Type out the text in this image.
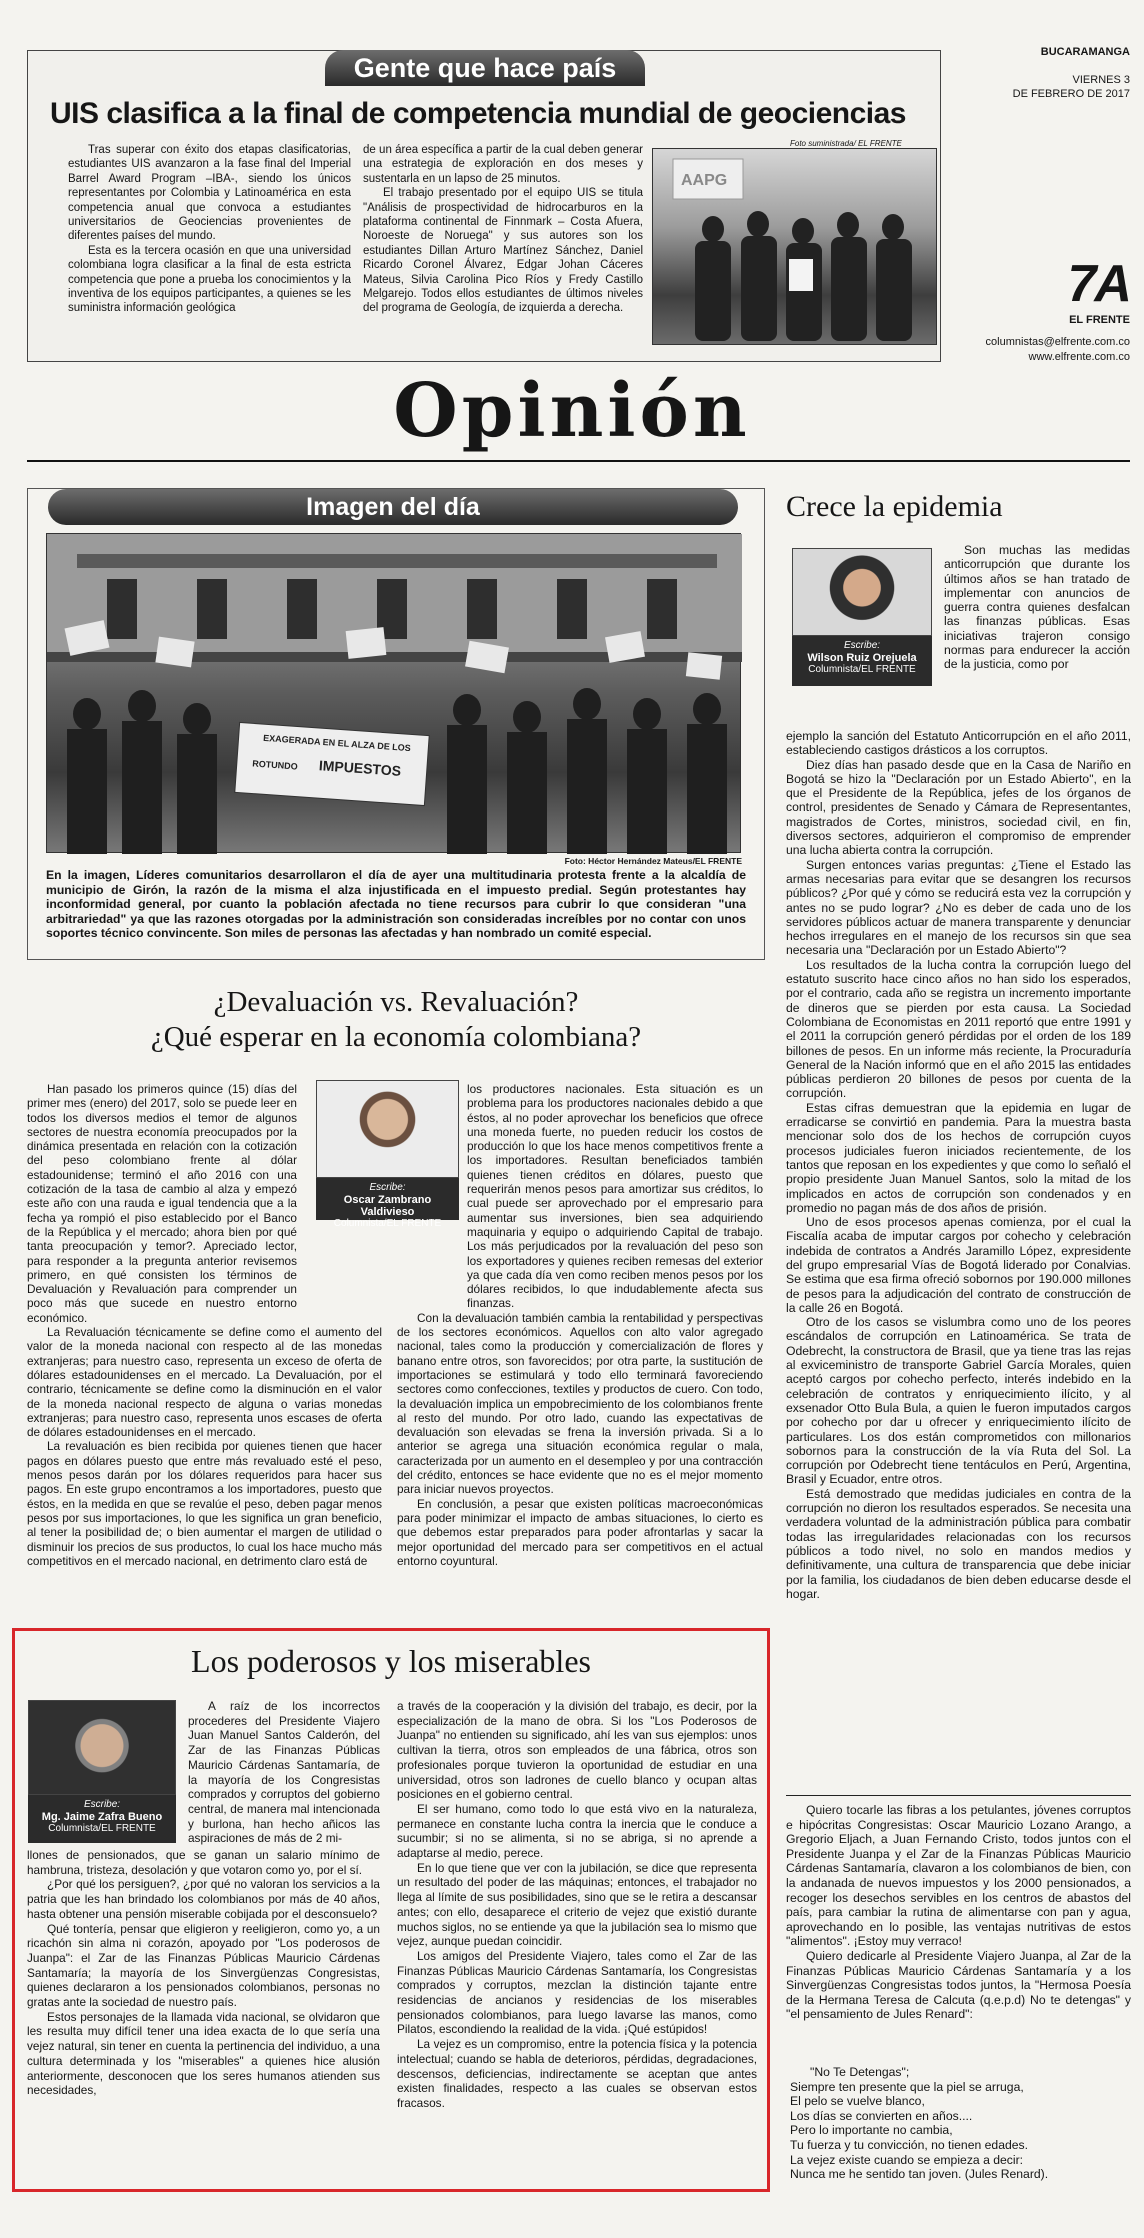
Gente que hace país
UIS clasifica a la final de competencia mundial de geociencias

Tras superar con éxito dos etapas clasificatorias, estudiantes UIS avanzaron a la fase final del Imperial Barrel Award Program –IBA-, siendo los únicos representantes por Colombia y Latinoamérica en esta competencia anual que convoca a estudiantes universitarios de Geociencias provenientes de diferentes países del mundo.

Esta es la tercera ocasión en que una universidad colombiana logra clasificar a la final de esta estricta competencia que pone a prueba los conocimientos y la inventiva de los equipos participantes, a quienes se les suministra información geológica

de un área específica a partir de la cual deben generar una estrategia de exploración en dos meses y sustentarla en un lapso de 25 minutos.

El trabajo presentado por el equipo UIS se titula "Análisis de prospectividad de hidrocarburos en la plataforma continental de Finnmark – Costa Afuera, Noroeste de Noruega" y sus autores son los estudiantes Dillan Arturo Martínez Sánchez, Daniel Ricardo Coronel Álvarez, Edgar Johan Cáceres Mateus, Silvia Carolina Pico Ríos y Fredy Castillo Melgarejo. Todos ellos estudiantes de últimos niveles del programa de Geología, de izquierda a derecha.

Foto suministrada/ EL FRENTE
AAPG
BUCARAMANGA
VIERNES 3
DE FEBRERO DE 2017
7A
EL FRENTE
columnistas@elfrente.com.co
www.elfrente.com.co
Opinión
Imagen del día
EXAGERADA EN EL ALZA DE LOS
ROTUNDO	IMPUESTOS
Foto: Héctor Hernández Mateus/EL FRENTE
En la imagen, Líderes comunitarios desarrollaron el día de ayer una multitudinaria protesta frente a la alcaldía de municipio de Girón, la razón de la misma el alza injustificada en el impuesto predial. Según protestantes hay inconformidad general, por cuanto la población afectada no tiene recursos para cubrir lo que consideran "una arbitrariedad" ya que las razones otorgadas por la administración son consideradas increíbles por no contar con unos soportes técnico convincente. Son miles de personas las afectadas y han nombrado un comité especial.
¿Devaluación vs. Revaluación?
¿Qué esperar en la economía colombiana?
Escribe:
Oscar Zambrano Valdivieso
Columnista/EL FRENTE

Han pasado los primeros quince (15) días del primer mes (enero) del 2017, solo se puede leer en todos los diversos medios el temor de algunos sectores de nuestra economía preocupados por la dinámica presentada en relación con la cotización del peso colombiano frente al dólar estadounidense; terminó el año 2016 con una cotización de la tasa de cambio al alza y empezó este año con una rauda e igual tendencia que a la fecha ya rompió el piso establecido por el Banco de la República y el mercado; ahora bien por qué tanta preocupación y temor?. Apreciado lector, para responder a la pregunta anterior revisemos primero, en qué consisten los términos de Devaluación y Revaluación para comprender un poco más que sucede en nuestro entorno económico.

La Revaluación técnicamente se define como el aumento del valor de la moneda nacional con respecto al de las monedas extranjeras; para nuestro caso, representa un exceso de oferta de dólares estadounidenses en el mercado. La Devaluación, por el contrario, técnicamente se define como la disminución en el valor de la moneda nacional respecto de alguna o varias monedas extranjeras; para nuestro caso, representa unos escases de oferta de dólares estadounidenses en el mercado.

La revaluación es bien recibida por quienes tienen que hacer pagos en dólares puesto que entre más revaluado esté el peso, menos pesos darán por los dólares requeridos para hacer sus pagos. En este grupo encontramos a los importadores, puesto que éstos, en la medida en que se revalúe el peso, deben pagar menos pesos por sus importaciones, lo que les significa un gran beneficio, al tener la posibilidad de; o bien aumentar el margen de utilidad o disminuir los precios de sus productos, lo cual los hace mucho más competitivos en el mercado nacional, en detrimento claro está de

los productores nacionales. Esta situación es un problema para los productores nacionales debido a que éstos, al no poder aprovechar los beneficios que ofrece una moneda fuerte, no pueden reducir los costos de producción lo que los hace menos competitivos frente a los importadores. Resultan beneficiados también quienes tienen créditos en dólares, puesto que requerirán menos pesos para amortizar sus créditos, lo cual puede ser aprovechado por el empresario para aumentar sus inversiones, bien sea adquiriendo maquinaria y equipo o adquiriendo Capital de trabajo. Los más perjudicados por la revaluación del peso son los exportadores y quienes reciben remesas del exterior ya que cada día ven como reciben menos pesos por los dólares recibidos, lo que indudablemente afecta sus finanzas.

Con la devaluación también cambia la rentabilidad y perspectivas de los sectores económicos. Aquellos con alto valor agregado nacional, tales como la producción y comercialización de flores y banano entre otros, son favorecidos; por otra parte, la sustitución de importaciones se estimulará y todo ello terminará favoreciendo sectores como confecciones, textiles y productos de cuero. Con todo, la devaluación implica un empobrecimiento de los colombianos frente al resto del mundo. Por otro lado, cuando las expectativas de devaluación son elevadas se frena la inversión privada. Si a lo anterior se agrega una situación económica regular o mala, caracterizada por un aumento en el desempleo y por una contracción del crédito, entonces se hace evidente que no es el mejor momento para iniciar nuevos proyectos.

En conclusión, a pesar que existen políticas macroeconómicas para poder minimizar el impacto de ambas situaciones, lo cierto es que debemos estar preparados para poder afrontarlas y sacar la mejor oportunidad del mercado para ser competitivos en el actual entorno coyuntural.

Crece la epidemia
Escribe:
Wilson Ruiz Orejuela
Columnista/EL FRENTE
Son muchas las medidas anticorrupción que durante los últimos años se han tratado de implementar con anuncios de guerra contra quienes desfalcan las finanzas públicas. Esas iniciativas trajeron consigo normas para endurecer la acción de la justicia, como por

ejemplo la sanción del Estatuto Anticorrupción en el año 2011, estableciendo castigos drásticos a los corruptos.

Diez días han pasado desde que en la Casa de Nariño en Bogotá se hizo la "Declaración por un Estado Abierto", en la que el Presidente de la República, jefes de los órganos de control, presidentes de Senado y Cámara de Representantes, magistrados de Cortes, ministros, sociedad civil, en fin, diversos sectores, adquirieron el compromiso de emprender una lucha abierta contra la corrupción.

Surgen entonces varias preguntas: ¿Tiene el Estado las armas necesarias para evitar que se desangren los recursos públicos? ¿Por qué y cómo se reducirá esta vez la corrupción y antes no se pudo lograr? ¿No es deber de cada uno de los servidores públicos actuar de manera transparente y denunciar hechos irregulares en el manejo de los recursos sin que sea necesaria una "Declaración por un Estado Abierto"?

Los resultados de la lucha contra la corrupción luego del estatuto suscrito hace cinco años no han sido los esperados, por el contrario, cada año se registra un incremento importante de dineros que se pierden por esta causa. La Sociedad Colombiana de Economistas en 2011 reportó que entre 1991 y el 2011 la corrupción generó pérdidas por el orden de los 189 billones de pesos. En un informe más reciente, la Procuraduría General de la Nación informó que en el año 2015 las entidades públicas perdieron 20 billones de pesos por cuenta de la corrupción.

Estas cifras demuestran que la epidemia en lugar de erradicarse se convirtió en pandemia. Para la muestra basta mencionar solo dos de los hechos de corrupción cuyos procesos judiciales fueron iniciados recientemente, de los tantos que reposan en los expedientes y que como lo señaló el propio presidente Juan Manuel Santos, solo la mitad de los implicados en actos de corrupción son condenados y en promedio no pagan más de dos años de prisión.

Uno de esos procesos apenas comienza, por el cual la Fiscalía acaba de imputar cargos por cohecho y celebración indebida de contratos a Andrés Jaramillo López, expresidente del grupo empresarial Vías de Bogotá liderado por Conalvias. Se estima que esa firma ofreció sobornos por 190.000 millones de pesos para la adjudicación del contrato de construcción de la calle 26 en Bogotá.

Otro de los casos se vislumbra como uno de los peores escándalos de corrupción en Latinoamérica. Se trata de Odebrecht, la constructora de Brasil, que ya tiene tras las rejas al exviceministro de transporte Gabriel García Morales, quien aceptó cargos por cohecho perfecto, interés indebido en la celebración de contratos y enriquecimiento ilícito, y al exsenador Otto Bula Bula, a quien le fueron imputados cargos por cohecho por dar u ofrecer y enriquecimiento ilícito de particulares. Los dos están comprometidos con millonarios sobornos para la construcción de la vía Ruta del Sol. La corrupción por Odebrecht tiene tentáculos en Perú, Argentina, Brasil y Ecuador, entre otros.

Está demostrado que medidas judiciales en contra de la corrupción no dieron los resultados esperados. Se necesita una verdadera voluntad de la administración pública para combatir todas las irregularidades relacionadas con los recursos públicos a todo nivel, no solo en mandos medios y definitivamente, una cultura de transparencia que debe iniciar por la familia, los ciudadanos de bien deben educarse desde el hogar.

Los poderosos y los miserables
Escribe:
Mg. Jaime Zafra Bueno
Columnista/EL FRENTE
A raíz de los incorrectos procederes del Presidente Viajero Juan Manuel Santos Calderón, del Zar de las Finanzas Públicas Mauricio Cárdenas Santamaría, de la mayoría de los Congresistas comprados y corruptos del gobierno central, de manera mal intencionada y burlona, han hecho añicos las aspiraciones de más de 2 mi-

llones de pensionados, que se ganan un salario mínimo de hambruna, tristeza, desolación y que votaron como yo, por el sí.

¿Por qué los persiguen?, ¿por qué no valoran los servicios a la patria que les han brindado los colombianos por más de 40 años, hasta obtener una pensión miserable cobijada por el desconsuelo?

Qué tontería, pensar que eligieron y reeligieron, como yo, a un ricachón sin alma ni corazón, apoyado por "Los poderosos de Juanpa": el Zar de las Finanzas Públicas Mauricio Cárdenas Santamaría; la mayoría de los Sinvergüenzas Congresistas, quienes declararon a los pensionados colombianos, personas no gratas ante la sociedad de nuestro país.

Estos personajes de la llamada vida nacional, se olvidaron que les resulta muy difícil tener una idea exacta de lo que sería una vejez natural, sin tener en cuenta la pertinencia del individuo, a una cultura determinada y los "miserables" a quienes hice alusión anteriormente, desconocen que los seres humanos atienden sus necesidades,

a través de la cooperación y la división del trabajo, es decir, por la especialización de la mano de obra. Si los "Los Poderosos de Juanpa" no entienden su significado, ahí les van sus ejemplos: unos cultivan la tierra, otros son empleados de una fábrica, otros son profesionales porque tuvieron la oportunidad de estudiar en una universidad, otros son ladrones de cuello blanco y ocupan altas posiciones en el gobierno central.

El ser humano, como todo lo que está vivo en la naturaleza, permanece en constante lucha contra la inercia que le conduce a sucumbir; si no se alimenta, si no se abriga, si no aprende a adaptarse al medio, perece.

En lo que tiene que ver con la jubilación, se dice que representa un resultado del poder de las máquinas; entonces, el trabajador no llega al límite de sus posibilidades, sino que se le retira a descansar antes; con ello, desaparece el criterio de vejez que existió durante muchos siglos, no se entiende ya que la jubilación sea lo mismo que vejez, aunque puedan coincidir.

Los amigos del Presidente Viajero, tales como el Zar de las Finanzas Públicas Mauricio Cárdenas Santamaría, los Congresistas comprados y corruptos, mezclan la distinción tajante entre residencias de ancianos y residencias de los miserables pensionados colombianos, para luego lavarse las manos, como Pilatos, escondiendo la realidad de la vida. ¡Qué estúpidos!

La vejez es un compromiso, entre la potencia física y la potencia intelectual; cuando se habla de deterioros, pérdidas, degradaciones, descensos, deficiencias, indirectamente se aceptan que antes existen finalidades, respecto a las cuales se observan estos fracasos.

Quiero tocarle las fibras a los petulantes, jóvenes corruptos e hipócritas Congresistas: Oscar Mauricio Lozano Arango, a Gregorio Eljach, a Juan Fernando Cristo, todos juntos con el Presidente Juanpa y el Zar de la Finanzas Públicas Mauricio Cárdenas Santamaría, clavaron a los colombianos de bien, con la andanada de nuevos impuestos y los 2000 pensionados, a recoger los desechos servibles en los centros de abastos del país, para cambiar la rutina de alimentarse con pan y agua, aprovechando en lo posible, las ventajas nutritivas de estos "alimentos". ¡Estoy muy verraco!

Quiero dedicarle al Presidente Viajero Juanpa, al Zar de la Finanzas Públicas Mauricio Cárdenas Santamaría y a los Sinvergüenzas Congresistas todos juntos, la "Hermosa Poesía de la Hermana Teresa de Calcuta (q.e.p.d) No te detengas" y "el pensamiento de Jules Renard":

"No Te Detengas";
Siempre ten presente que la piel se arruga,
El pelo se vuelve blanco,
Los días se convierten en años....
Pero lo importante no cambia,
Tu fuerza y tu convicción, no tienen edades.
La vejez existe cuando se empieza a decir:
Nunca me he sentido tan joven. (Jules Renard).
